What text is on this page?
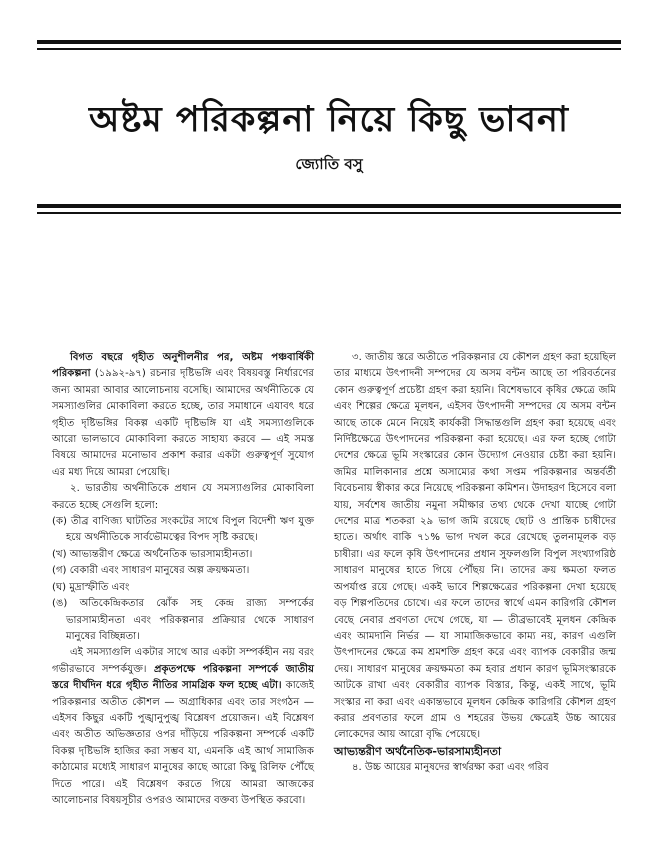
অষ্টম পরিকল্পনা নিয়ে কিছু ভাবনা

জ্যোতি বসু

বিগত বছরে গৃহীত অনুশীলনীর পর, অষ্টম পঞ্চবার্ষিকী পরিকল্পনা (১৯৯২-৯৭) রচনার দৃষ্টিভঙ্গি এবং বিষয়বস্তু নির্ধারণের জন্য আমরা আবার আলোচনায় বসেছি। আমাদের অর্থনীতিকে যে সমস্যাগুলির মোকাবিলা করতে হচ্ছে, তার সমাধানে এযাবৎ ধরে গৃহীত দৃষ্টিভঙ্গির বিকল্প একটি দৃষ্টিভঙ্গি যা এই সমস্যাগুলিকে আরো ভালভাবে মোকাবিলা করতে সাহায্য করবে — এই সমস্ত বিষয়ে আমাদের মনোভাব প্রকাশ করার একটা গুরুত্বপূর্ণ সুযোগ এর মধ্য দিয়ে আমরা পেয়েছি।

২. ভারতীয় অর্থনীতিকে প্রধান যে সমস্যাগুলির মোকাবিলা করতে হচ্ছে সেগুলি হলো:

(ক) তীব্র বাণিজ্য ঘাটতির সংকটের সাথে বিপুল বিদেশী ঋণ যুক্ত হয়ে অর্থনীতিকে সার্বভৌমত্বের বিপদ সৃষ্টি করছে।

(খ) আভ্যন্তরীণ ক্ষেত্রে অর্থনৈতিক ভারসাম্যহীনতা।

(গ) বেকারী এবং সাধারণ মানুষের অল্প ক্রয়ক্ষমতা।

(ঘ) মুদ্রাস্ফীতি এবং

(ঙ) অতিকেন্দ্রিকতার ঝোঁক সহ কেন্দ্র রাজ্য সম্পর্কের ভারসাম্যহীনতা এবং পরিকল্পনার প্রক্রিয়ার থেকে সাধারণ মানুষের বিচ্ছিন্নতা।

এই সমস্যাগুলি একটার সাথে আর একটা সম্পর্কহীন নয় বরং গভীরভাবে সম্পর্কযুক্ত। প্রকৃতপক্ষে পরিকল্পনা সম্পর্কে জাতীয় স্তরে দীর্ঘদিন ধরে গৃহীত নীতির সামগ্রিক ফল হচ্ছে এটা। কাজেই পরিকল্পনার অতীত কৌশল — অগ্রাধিকার এবং তার সংগঠন — এইসব কিছুর একটি পুঙ্খানুপুঙ্খ বিশ্লেষণ প্রয়োজন। এই বিশ্লেষণ এবং অতীত অভিজ্ঞতার ওপর দাঁড়িয়ে পরিকল্পনা সম্পর্কে একটি বিকল্প দৃষ্টিভঙ্গি হাজির করা সম্ভব যা, এমনকি এই আর্থ সামাজিক কাঠামোর মধ্যেই সাধারণ মানুষের কাছে আরো কিছু রিলিফ পৌঁছে দিতে পারে। এই বিশ্লেষণ করতে গিয়ে আমরা আজকের আলোচনার বিষয়সূচীর ওপরও আমাদের বক্তব্য উপস্থিত করবো।

৩. জাতীয় স্তরে অতীতে পরিকল্পনার যে কৌশল গ্রহণ করা হয়েছিল তার মাধ্যমে উৎপাদনী সম্পদের যে অসম বন্টন আছে তা পরিবর্তনের কোন গুরুত্বপূর্ণ প্রচেষ্টা গ্রহণ করা হয়নি। বিশেষভাবে কৃষির ক্ষেত্রে জমি এবং শিল্পের ক্ষেত্রে মূলধন, এইসব উৎপাদনী সম্পদের যে অসম বন্টন আছে তাকে মেনে নিয়েই কার্যকরী সিদ্ধান্তগুলি গ্রহণ করা হয়েছে এবং নির্দিষ্টক্ষেত্রে উৎপাদনের পরিকল্পনা করা হয়েছে। এর ফল হচ্ছে গোটা দেশের ক্ষেত্রে ভূমি সংস্কারের কোন উদ্যোগ নেওয়ার চেষ্টা করা হয়নি। জমির মালিকানার প্রশ্নে অসাম্যের কথা সপ্তম পরিকল্পনার অন্তর্বর্তী বিবেচনায় স্বীকার করে নিয়েছে পরিকল্পনা কমিশন। উদাহরণ হিসেবে বলা যায়, সর্বশেষ জাতীয় নমুনা সমীক্ষার তথ্য থেকে দেখা যাচ্ছে গোটা দেশের মাত্র শতকরা ২৯ ভাগ জমি রয়েছে ছোট ও প্রান্তিক চাষীদের হাতে। অর্থাৎ বাকি ৭১% ভাগ দখল করে রেখেছে তুলনামূলক বড় চাষীরা। এর ফলে কৃষি উৎপাদনের প্রধান সুফলগুলি বিপুল সংখ্যাগরিষ্ঠ সাধারণ মানুষের হাতে গিয়ে পৌঁছয় নি। তাদের ক্রয় ক্ষমতা ফলত অপর্যাপ্ত রয়ে গেছে। একই ভাবে শিল্পক্ষেত্রের পরিকল্পনা দেখা হয়েছে বড় শিল্পপতিদের চোখে। এর ফলে তাদের স্বার্থে এমন কারিগরি কৌশল বেছে নেবার প্রবণতা দেখে গেছে, যা — তীব্রভাবেই মূলধন কেন্দ্রিক এবং আমদানি নির্ভর — যা সামাজিকভাবে কাম্য নয়, কারণ এগুলি উৎপাদনের ক্ষেত্রে কম শ্রমশক্তি গ্রহণ করে এবং ব্যাপক বেকারীর জন্ম দেয়। সাধারণ মানুষের ক্রয়ক্ষমতা কম হবার প্রধান কারণ ভূমিসংস্কারকে আটকে রাখা এবং বেকারীর ব্যাপক বিস্তার, কিন্তু, একই সাথে, ভূমি সংস্কার না করা এবং একান্তভাবে মূলধন কেন্দ্রিক কারিগরি কৌশল গ্রহণ করার প্রবণতার ফলে গ্রাম ও শহরের উভয় ক্ষেত্রেই উচ্চ আয়ের লোকেদের আয় আরো বৃদ্ধি পেয়েছে।

আভ্যন্তরীণ অর্থনৈতিক-ভারসাম্যহীনতা

৪. উচ্চ আয়ের মানুষদের স্বার্থরক্ষা করা এবং গরিব
